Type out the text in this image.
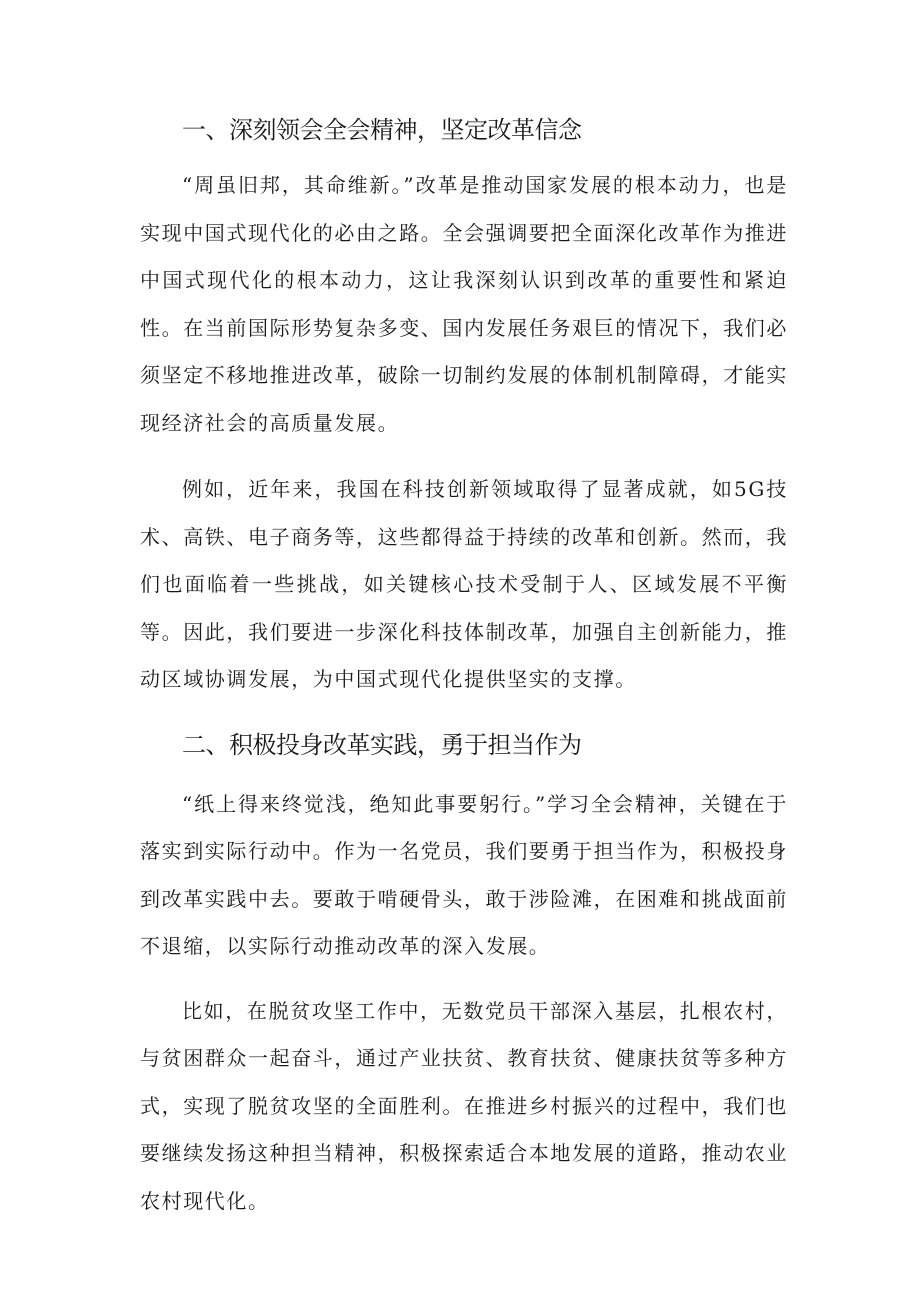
一、深刻领会全会精神，坚定改革信念

“周虽旧邦，其命维新。”改革是推动国家发展的根本动力，也是实现中国式现代化的必由之路。全会强调要把全面深化改革作为推进中国式现代化的根本动力，这让我深刻认识到改革的重要性和紧迫性。在当前国际形势复杂多变、国内发展任务艰巨的情况下，我们必须坚定不移地推进改革，破除一切制约发展的体制机制障碍，才能实现经济社会的高质量发展。

例如，近年来，我国在科技创新领域取得了显著成就，如5G技术、高铁、电子商务等，这些都得益于持续的改革和创新。然而，我们也面临着一些挑战，如关键核心技术受制于人、区域发展不平衡等。因此，我们要进一步深化科技体制改革，加强自主创新能力，推动区域协调发展，为中国式现代化提供坚实的支撑。

二、积极投身改革实践，勇于担当作为

“纸上得来终觉浅，绝知此事要躬行。”学习全会精神，关键在于落实到实际行动中。作为一名党员，我们要勇于担当作为，积极投身到改革实践中去。要敢于啃硬骨头，敢于涉险滩，在困难和挑战面前不退缩，以实际行动推动改革的深入发展。

比如，在脱贫攻坚工作中，无数党员干部深入基层，扎根农村，与贫困群众一起奋斗，通过产业扶贫、教育扶贫、健康扶贫等多种方式，实现了脱贫攻坚的全面胜利。在推进乡村振兴的过程中，我们也要继续发扬这种担当精神，积极探索适合本地发展的道路，推动农业农村现代化。
